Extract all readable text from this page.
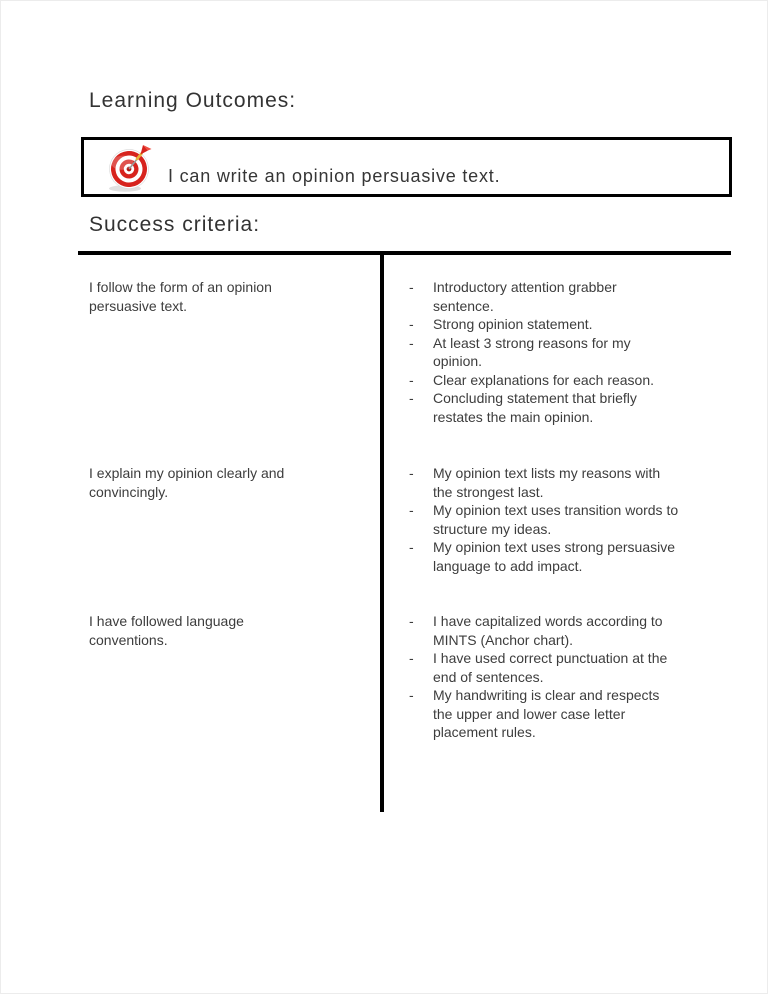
Learning Outcomes:

I can write an opinion persuasive text.

Success criteria:

I follow the form of an opinion persuasive text.

-	Introductory attention grabber sentence.
-	Strong opinion statement.
-	At least 3 strong reasons for my opinion.
-	Clear explanations for each reason.
-	Concluding statement that briefly restates the main opinion.

I explain my opinion clearly and convincingly.

-	My opinion text lists my reasons with the strongest last.
-	My opinion text uses transition words to structure my ideas.
-	My opinion text uses strong persuasive language to add impact.

I have followed language conventions.

-	I have capitalized words according to MINTS (Anchor chart).
-	I have used correct punctuation at the end of sentences.
-	My handwriting is clear and respects the upper and lower case letter placement rules.
